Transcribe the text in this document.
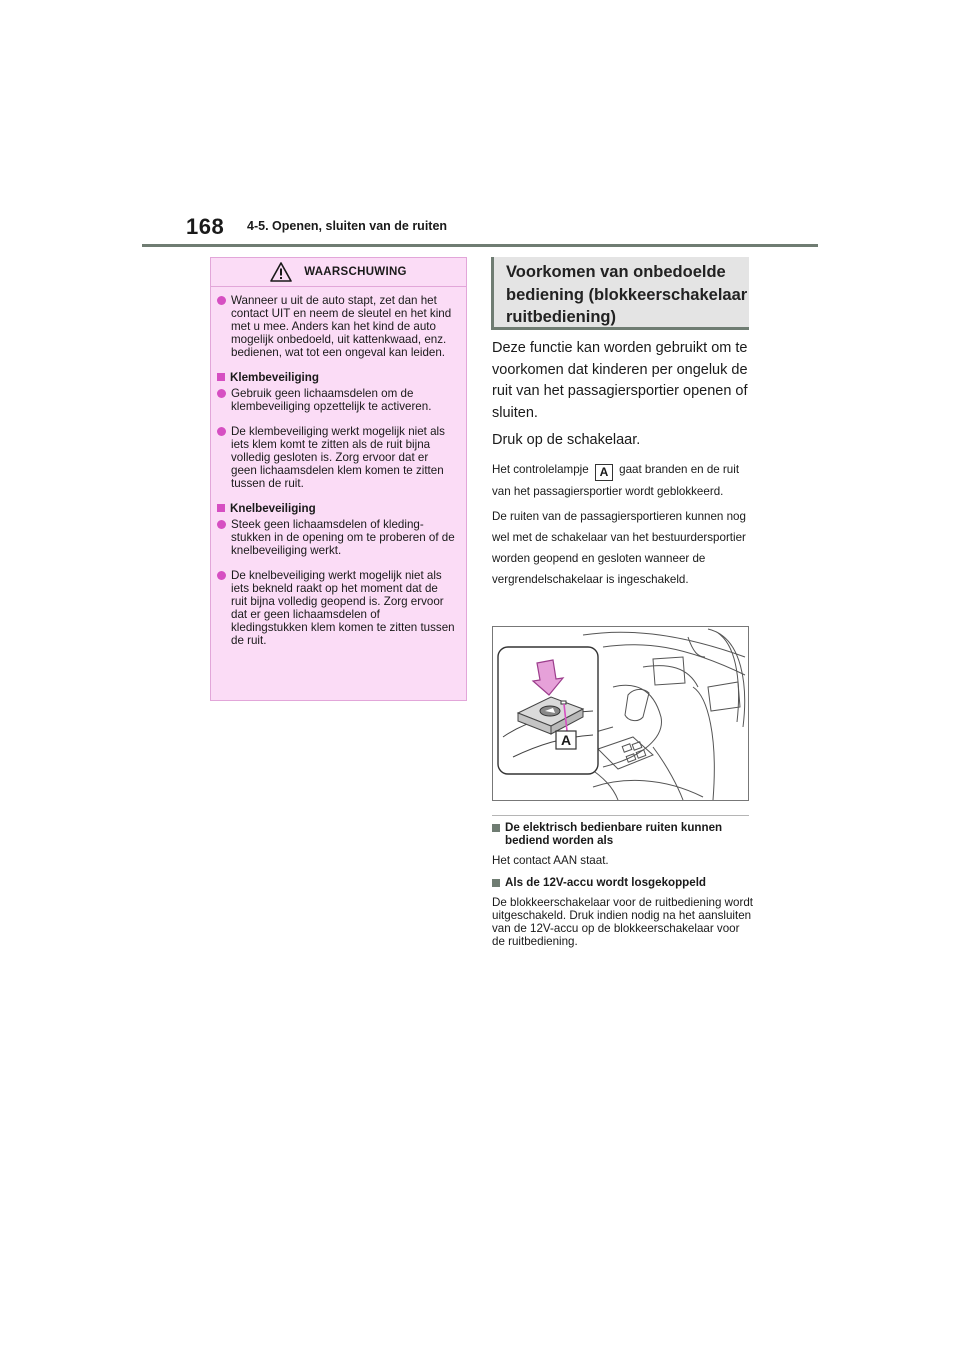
168 4-5. Openen, sluiten van de ruiten
WAARSCHUWING
Wanneer u uit de auto stapt, zet dan het contact UIT en neem de sleutel en het kind met u mee. Anders kan het kind de auto mogelijk onbedoeld, uit kattenkwaad, enz. bedienen, wat tot een ongeval kan leiden.
Klembeveiliging
Gebruik geen lichaamsdelen om de klembeveiliging opzettelijk te activeren.
De klembeveiliging werkt mogelijk niet als iets klem komt te zitten als de ruit bijna volledig gesloten is. Zorg ervoor dat er geen lichaamsdelen klem komen te zitten tussen de ruit.
Knelbeveiliging
Steek geen lichaamsdelen of kledingstukken in de opening om te proberen of de knelbeveiliging werkt.
De knelbeveiliging werkt mogelijk niet als iets bekneld raakt op het moment dat de ruit bijna volledig geopend is. Zorg ervoor dat er geen lichaamsdelen of kledingstukken klem komen te zitten tussen de ruit.
Voorkomen van onbedoelde bediening (blokkeerschakelaar ruitbediening)

Deze functie kan worden gebruikt om te voorkomen dat kinderen per ongeluk de ruit van het passagiersportier openen of sluiten.

Druk op de schakelaar.

Het controlelampje A gaat branden en de ruit van het passagiersportier wordt geblokkeerd.

De ruiten van de passagiersportieren kunnen nog wel met de schakelaar van het bestuurdersportier worden geopend en gesloten wanneer de vergrendelschakelaar is ingeschakeld.

A
De elektrisch bedienbare ruiten kunnen bediend worden als
Het contact AAN staat.
Als de 12V-accu wordt losgekoppeld
De blokkeerschakelaar voor de ruitbediening wordt uitgeschakeld. Druk indien nodig na het aansluiten van de 12V-accu op de blokkeerschakelaar voor de ruitbediening.
